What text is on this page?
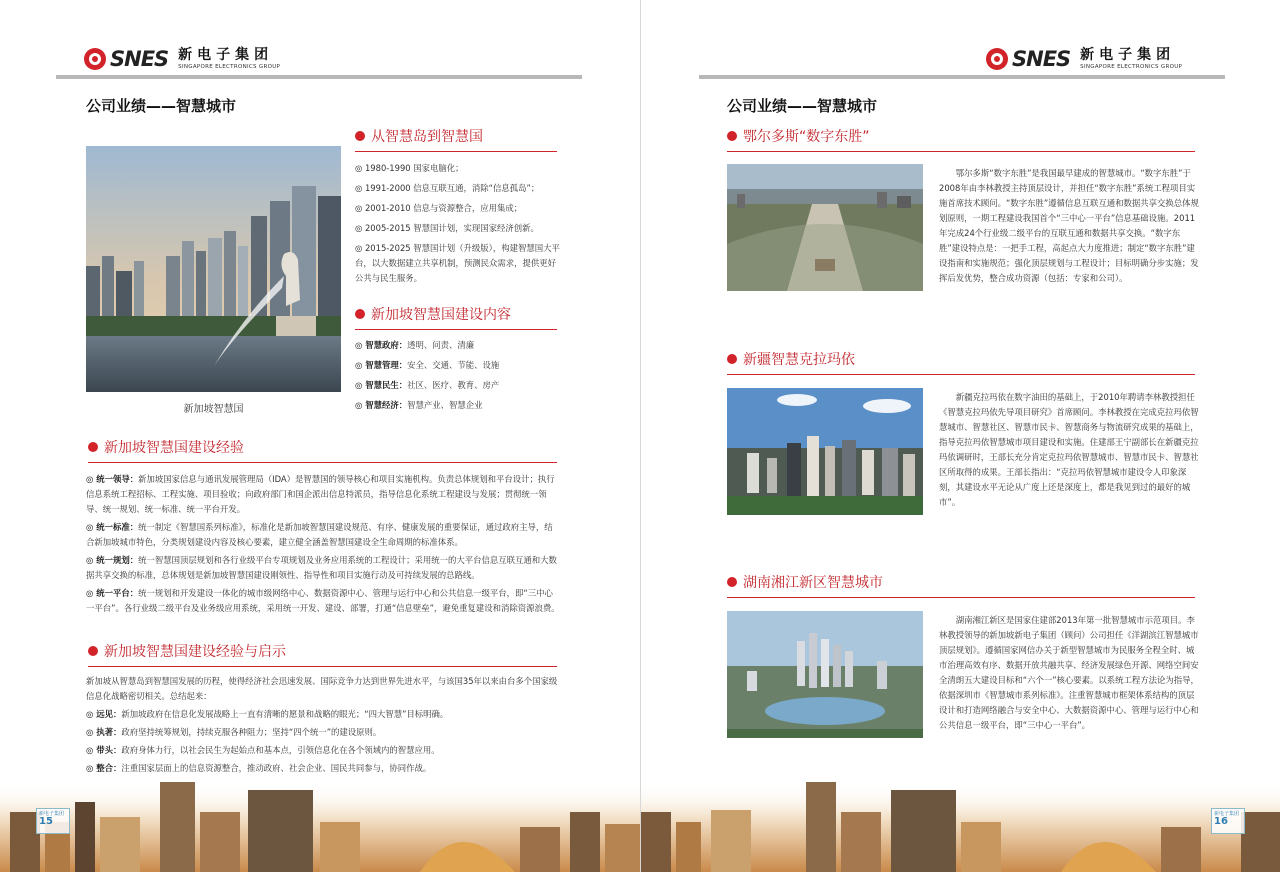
SNES 新电子集团
SINGAPORE ELECTRONICS GROUP
公司业绩——智慧城市
新加坡智慧国
从智慧岛到智慧国
◎ 1980-1990 国家电脑化；
◎ 1991-2000 信息互联互通，消除“信息孤岛”；
◎ 2001-2010 信息与资源整合，应用集成；
◎ 2005-2015 智慧国计划，实现国家经济创新。
◎ 2015-2025 智慧国计划（升级版），构建智慧国大平台，以大数据建立共享机制，预测民众需求，提供更好公共与民生服务。
新加坡智慧国建设内容
◎ 智慧政府：透明、问责、清廉
◎ 智慧管理：安全、交通、节能、设施
◎ 智慧民生：社区、医疗、教育、房产
◎ 智慧经济：智慧产业、智慧企业
新加坡智慧国建设经验
◎ 统一领导：新加坡国家信息与通讯发展管理局（IDA）是智慧国的领导核心和项目实施机构。负责总体规划和平台设计；执行信息系统工程招标、工程实施、项目验收；向政府部门和国企派出信息特派员，指导信息化系统工程建设与发展；贯彻统一领导、统一规划、统一标准、统一平台开发。
◎ 统一标准：统一制定《智慧国系列标准》，标准化是新加坡智慧国建设规范、有序、健康发展的重要保证，通过政府主导，结合新加坡城市特色，分类规划建设内容及核心要素，建立健全涵盖智慧国建设全生命周期的标准体系。
◎ 统一规划：统一智慧国顶层规划和各行业级平台专项规划及业务应用系统的工程设计；采用统一的大平台信息互联互通和大数据共享交换的标准，总体规划是新加坡智慧国建设刚领性、指导性和项目实施行动及可持续发展的总路线。
◎ 统一平台：统一规划和开发建设一体化的城市级网络中心、数据资源中心、管理与运行中心和公共信息一级平台，即“三中心一平台”。各行业级二级平台及业务级应用系统，采用统一开发、建设、部署，打通“信息壁垒”，避免重复建设和消除资源浪费。
新加坡智慧国建设经验与启示
新加坡从智慧岛到智慧国发展的历程，使得经济社会迅速发展、国际竞争力达到世界先进水平，与该国35年以来由台多个国家级信息化战略密切相关。总结起来：
◎ 远见：新加坡政府在信息化发展战略上一直有清晰的愿景和战略的眼光；“四大智慧”目标明确。
◎ 执著：政府坚持统筹规划，持续克服各种阻力；坚持“四个统一”的建设原则。
◎ 带头：政府身体力行，以社会民生为起始点和基本点，引领信息化在各个领域内的智慧应用。
◎ 整合：注重国家层面上的信息资源整合，推动政府、社会企业、国民共同参与，协同作战。
新电子集团
15
SNES 新电子集团
SINGAPORE ELECTRONICS GROUP
公司业绩——智慧城市
鄂尔多斯“数字东胜”
鄂尔多斯“数字东胜”是我国最早建成的智慧城市。“数字东胜”于2008年由李林教授主持顶层设计，并担任“数字东胜”系统工程项目实施首席技术顾问。“数字东胜”遵循信息互联互通和数据共享交换总体规划原则，一期工程建设我国首个“三中心一平台”信息基础设施。2011年完成24个行业级二级平台的互联互通和数据共享交换。“数字东胜”建设特点是：一把手工程，高起点大力度推进；制定“数字东胜”建设指南和实施规范；强化顶层规划与工程设计；目标明确分步实施；发挥后发优势，整合成功资源（包括：专家和公司）。
新疆智慧克拉玛依
新疆克拉玛依在数字油田的基础上，于2010年聘请李林教授担任《智慧克拉玛依先导项目研究》首席顾问。李林教授在完成克拉玛依智慧城市、智慧社区、智慧市民卡、智慧商务与物流研究成果的基础上，指导克拉玛依智慧城市项目建设和实施。住建部王宁副部长在新疆克拉玛依调研时，王部长充分肯定克拉玛依智慧城市、智慧市民卡、智慧社区所取得的成果。王部长指出：“克拉玛依智慧城市建设令人印象深刻，其建设水平无论从广度上还是深度上，都是我见到过的最好的城市”。
湖南湘江新区智慧城市
湖南湘江新区是国家住建部2013年第一批智慧城市示范项目。李林教授领导的新加坡新电子集团（顾问）公司担任《洋湖滨江智慧城市顶层规划》。遵循国家网信办关于新型智慧城市为民服务全程全时、城市治理高效有序、数据开放共融共享、经济发展绿色开源、网络空间安全清朗五大建设目标和“六个一”核心要素。以系统工程方法论为指导，依据深圳市《智慧城市系列标准》。注重智慧城市框架体系结构的顶层设计和打造网络融合与安全中心、大数据资源中心、管理与运行中心和公共信息一级平台，即“三中心一平台”。
新电子集团
16
